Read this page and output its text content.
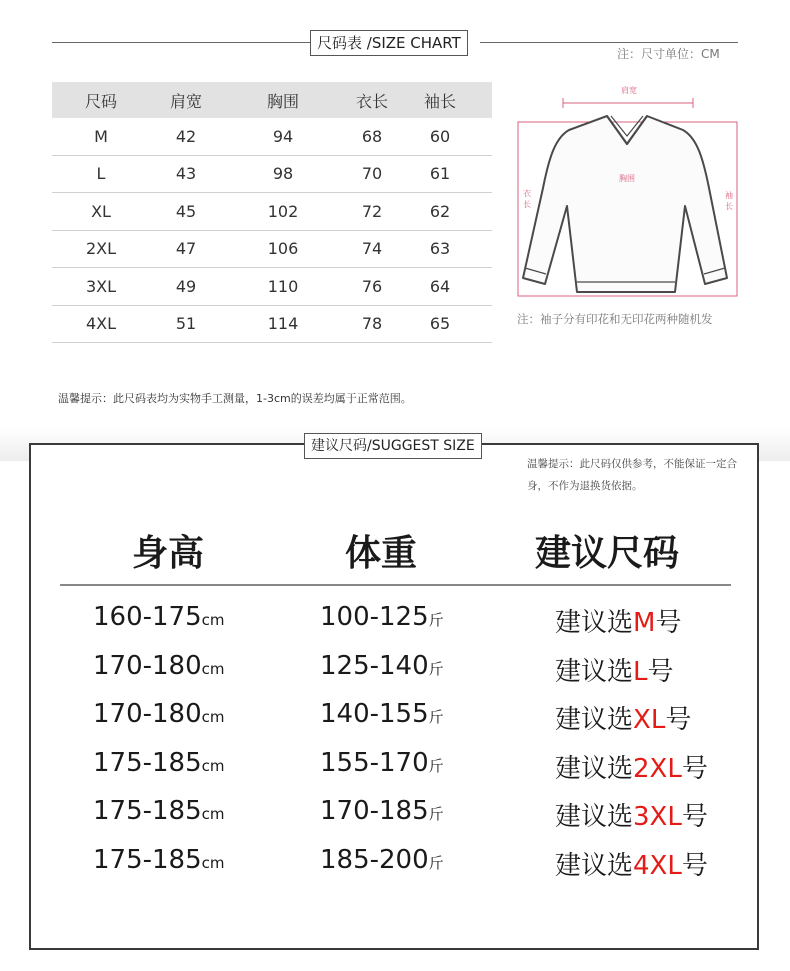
尺码表 /SIZE CHART
注：尺寸单位：CM
尺码	肩宽	胸围	衣长	袖长
M	42	94	68	60
L	43	98	70	61
XL	45	102	72	62
2XL	47	106	74	63
3XL	49	110	76	64
4XL	51	114	78	65
肩宽
胸围
衣长
袖长
注：袖子分有印花和无印花两种随机发
温馨提示：此尺码表均为实物手工测量，1-3cm的误差均属于正常范围。
建议尺码/SUGGEST SIZE
温馨提示：此尺码仅供参考，不能保证一定合身，不作为退换货依据。
身高	体重	建议尺码
160-175cm	100-125斤	建议选M号
170-180cm	125-140斤	建议选L号
170-180cm	140-155斤	建议选XL号
175-185cm	155-170斤	建议选2XL号
175-185cm	170-185斤	建议选3XL号
175-185cm	185-200斤	建议选4XL号
